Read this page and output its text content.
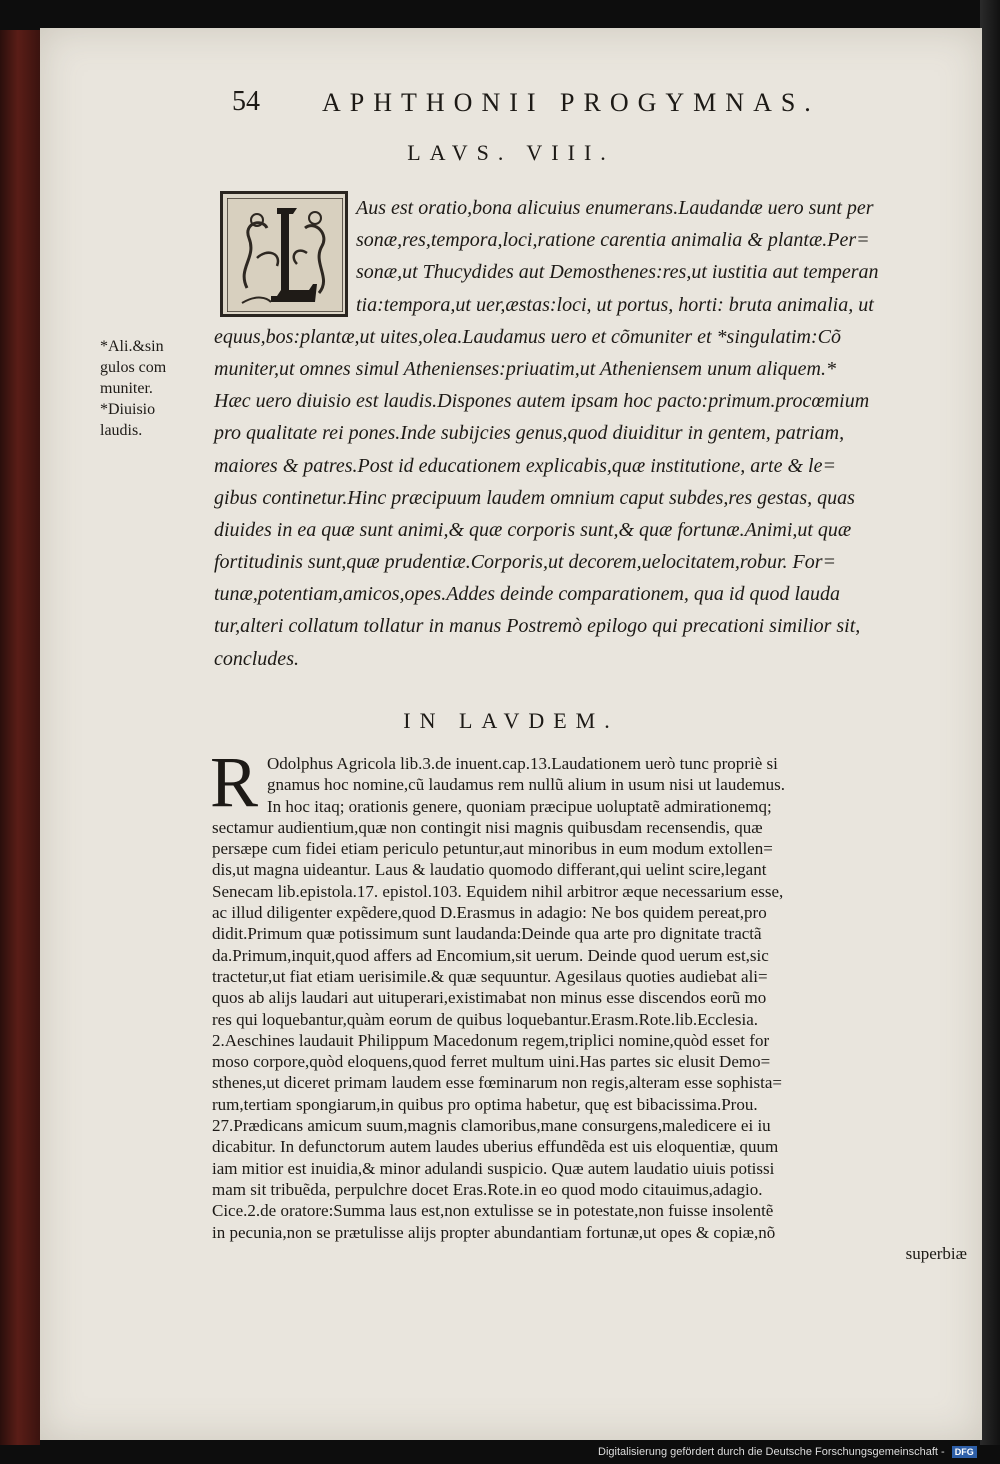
54 APHTHONII PROGYMNAS.
LAVS. VIII.
Aus est oratio,bona alicuius enumerans.Laudandæ uero sunt per
sonæ,res,tempora,loci,ratione carentia animalia & plantæ.Per=
sonæ,ut Thucydides aut Demosthenes:res,ut iustitia aut temperan
tia:tempora,ut uer,æstas:loci, ut portus, horti: bruta animalia, ut
equus,bos:plantæ,ut uites,olea.Laudamus uero et cõmuniter et *singulatim:Cõ
muniter,ut omnes simul Athenienses:priuatim,ut Atheniensem unum aliquem.*
Hæc uero diuisio est laudis.Dispones autem ipsam hoc pacto:primum.procœmium
pro qualitate rei pones.Inde subijcies genus,quod diuiditur in gentem, patriam,
maiores & patres.Post id educationem explicabis,quæ institutione, arte & le=
gibus continetur.Hinc præcipuum laudem omnium caput subdes,res gestas, quas
diuides in ea quæ sunt animi,& quæ corporis sunt,& quæ fortunæ.Animi,ut quæ
fortitudinis sunt,quæ prudentiæ.Corporis,ut decorem,uelocitatem,robur. For=
tunæ,potentiam,amicos,opes.Addes deinde comparationem, qua id quod lauda
tur,alteri collatum tollatur in manus Postremò epilogo qui precationi similior sit,
concludes.
*Ali.&sin
gulos com
muniter.
*Diuisio
laudis.
IN LAVDEM.
R Odolphus Agricola lib.3.de inuent.cap.13.Laudationem uerò tunc propriè si
gnamus hoc nomine,cũ laudamus rem nullũ alium in usum nisi ut laudemus.
In hoc itaq; orationis genere, quoniam præcipue uoluptatẽ admirationemq;
sectamur audientium,quæ non contingit nisi magnis quibusdam recensendis, quæ
persæpe cum fidei etiam periculo petuntur,aut minoribus in eum modum extollen=
dis,ut magna uideantur. Laus & laudatio quomodo differant,qui uelint scire,legant
Senecam lib.epistola.17. epistol.103. Equidem nihil arbitror æque necessarium esse,
ac illud diligenter expẽdere,quod D.Erasmus in adagio: Ne bos quidem pereat,pro
didit.Primum quæ potissimum sunt laudanda:Deinde qua arte pro dignitate tractã
da.Primum,inquit,quod affers ad Encomium,sit uerum. Deinde quod uerum est,sic
tractetur,ut fiat etiam uerisimile.& quæ sequuntur. Agesilaus quoties audiebat ali=
quos ab alijs laudari aut uituperari,existimabat non minus esse discendos eorũ mo
res qui loquebantur,quàm eorum de quibus loquebantur.Erasm.Rote.lib.Ecclesia.
2.Aeschines laudauit Philippum Macedonum regem,triplici nomine,quòd esset for
moso corpore,quòd eloquens,quod ferret multum uini.Has partes sic elusit Demo=
sthenes,ut diceret primam laudem esse fœminarum non regis,alteram esse sophista=
rum,tertiam spongiarum,in quibus pro optima habetur, quę est bibacissima.Prou.
27.Prædicans amicum suum,magnis clamoribus,mane consurgens,maledicere ei iu
dicabitur. In defunctorum autem laudes uberius effundẽda est uis eloquentiæ, quum
iam mitior est inuidia,& minor adulandi suspicio. Quæ autem laudatio uiuis potissi
mam sit tribuẽda, perpulchre docet Eras.Rote.in eo quod modo citauimus,adagio.
Cice.2.de oratore:Summa laus est,non extulisse se in potestate,non fuisse insolentẽ
in pecunia,non se prætulisse alijs propter abundantiam fortunæ,ut opes & copiæ,nõ
superbiæ
Digitalisierung gefördert durch die Deutsche Forschungsgemeinschaft - DFG
